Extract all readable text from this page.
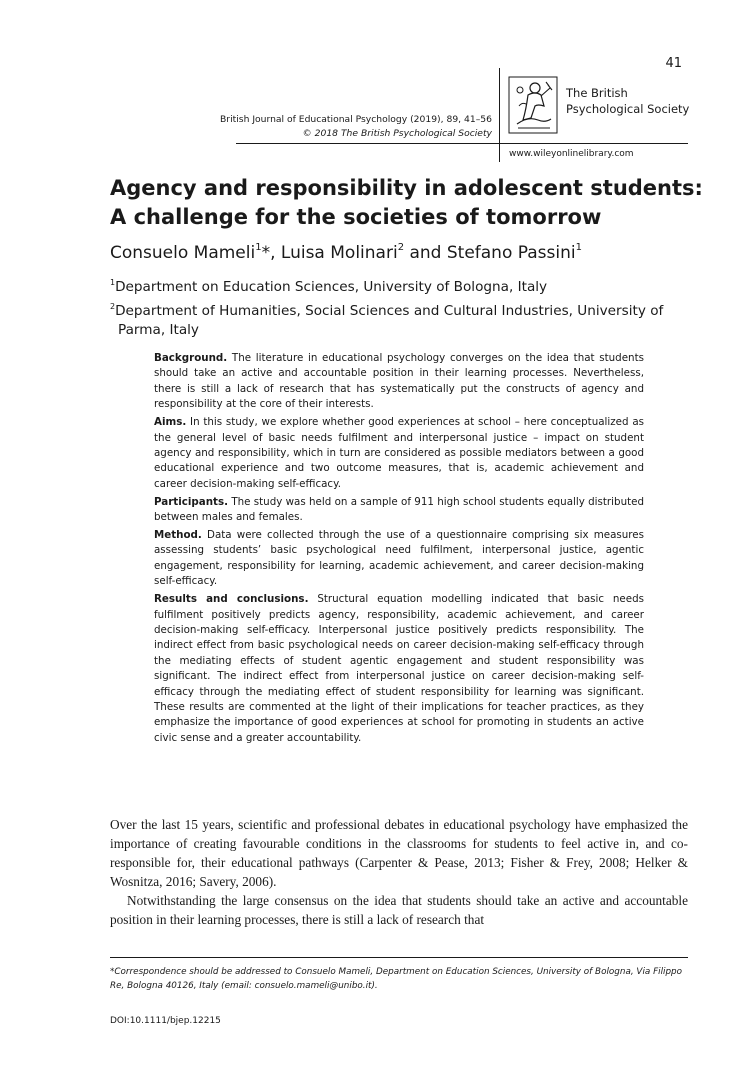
41
British Journal of Educational Psychology (2019), 89, 41–56
© 2018 The British Psychological Society
The British
Psychological Society
www.wileyonlinelibrary.com
Agency and responsibility in adolescent students:
A challenge for the societies of tomorrow
Consuelo Mameli$^1$*, Luisa Molinari$^2$ and Stefano Passini$^1$
$^1$Department on Education Sciences, University of Bologna, Italy
$^2$Department of Humanities, Social Sciences and Cultural Industries, University of
Parma, Italy

Background. The literature in educational psychology converges on the idea that students should take an active and accountable position in their learning processes. Nevertheless, there is still a lack of research that has systematically put the constructs of agency and responsibility at the core of their interests.

Aims. In this study, we explore whether good experiences at school – here conceptualized as the general level of basic needs fulfilment and interpersonal justice – impact on student agency and responsibility, which in turn are considered as possible mediators between a good educational experience and two outcome measures, that is, academic achievement and career decision-making self-efficacy.

Participants. The study was held on a sample of 911 high school students equally distributed between males and females.

Method. Data were collected through the use of a questionnaire comprising six measures assessing students’ basic psychological need fulfilment, interpersonal justice, agentic engagement, responsibility for learning, academic achievement, and career decision-making self-efficacy.

Results and conclusions. Structural equation modelling indicated that basic needs fulfilment positively predicts agency, responsibility, academic achievement, and career decision-making self-efficacy. Interpersonal justice positively predicts responsibility. The indirect effect from basic psychological needs on career decision-making self-efficacy through the mediating effects of student agentic engagement and student responsibility was significant. The indirect effect from interpersonal justice on career decision-making self-efficacy through the mediating effect of student responsibility for learning was significant. These results are commented at the light of their implications for teacher practices, as they emphasize the importance of good experiences at school for promoting in students an active civic sense and a greater accountability.

Over the last 15 years, scientific and professional debates in educational psychology have emphasized the importance of creating favourable conditions in the classrooms for students to feel active in, and co-responsible for, their educational pathways (Carpenter & Pease, 2013; Fisher & Frey, 2008; Helker & Wosnitza, 2016; Savery, 2006).

Notwithstanding the large consensus on the idea that students should take an active and accountable position in their learning processes, there is still a lack of research that

*Correspondence should be addressed to Consuelo Mameli, Department on Education Sciences, University of Bologna, Via Filippo Re, Bologna 40126, Italy (email: consuelo.mameli@unibo.it).
DOI:10.1111/bjep.12215
